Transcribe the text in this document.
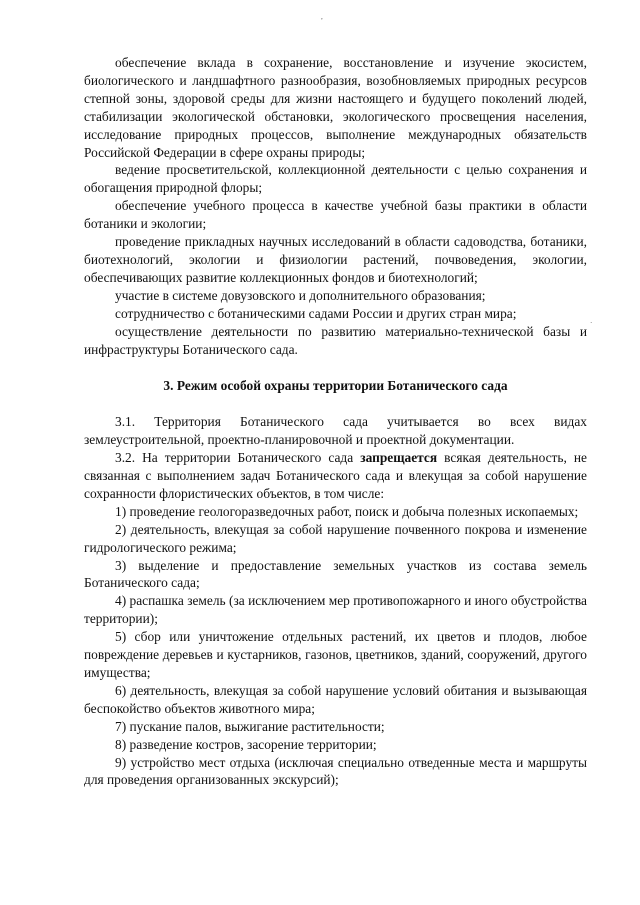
,
·

обеспечение вклада в сохранение, восстановление и изучение экосистем, биологического и ландшафтного разнообразия, возобновляемых природных ресурсов степной зоны, здоровой среды для жизни настоящего и будущего поколений людей, стабилизации экологической обстановки, экологического просвещения населения, исследование природных процессов, выполнение международных обязательств Российской Федерации в сфере охраны природы;

ведение просветительской, коллекционной деятельности с целью сохранения и обогащения природной флоры;

обеспечение учебного процесса в качестве учебной базы практики в области ботаники и экологии;

проведение прикладных научных исследований в области садоводства, ботаники, биотехнологий, экологии и физиологии растений, почвоведения, экологии, обеспечивающих развитие коллекционных фондов и биотехнологий;

участие в системе довузовского и дополнительного образования;

сотрудничество с ботаническими садами России и других стран мира;

осуществление деятельности по развитию материально-технической базы и инфраструктуры Ботанического сада.

3. Режим особой охраны территории Ботанического сада

3.1. Территория Ботанического сада учитывается во всех видах землеустроительной, проектно-планировочной и проектной документации.

3.2. На территории Ботанического сада запрещается всякая деятельность, не связанная с выполнением задач Ботанического сада и влекущая за собой нарушение сохранности флористических объектов, в том числе:

1) проведение геологоразведочных работ, поиск и добыча полезных ископаемых;

2) деятельность, влекущая за собой нарушение почвенного покрова и изменение гидрологического режима;

3) выделение и предоставление земельных участков из состава земель Ботанического сада;

4) распашка земель (за исключением мер противопожарного и иного обустройства территории);

5) сбор или уничтожение отдельных растений, их цветов и плодов, любое повреждение деревьев и кустарников, газонов, цветников, зданий, сооружений, другого имущества;

6) деятельность, влекущая за собой нарушение условий обитания и вызывающая беспокойство объектов животного мира;

7) пускание палов, выжигание растительности;

8) разведение костров, засорение территории;

9) устройство мест отдыха (исключая специально отведенные места и маршруты для проведения организованных экскурсий);
